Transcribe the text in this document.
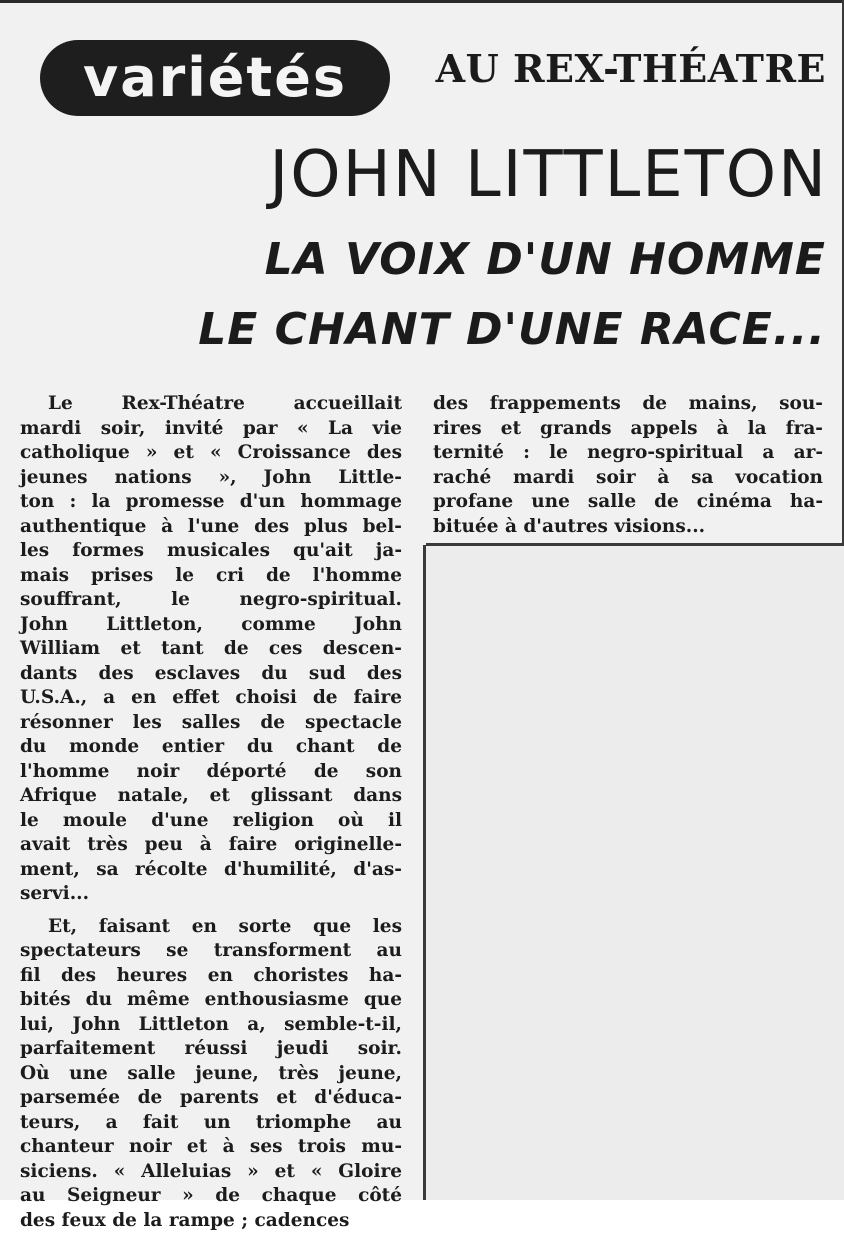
variétés	AU REX-THÉATRE
JOHN LITTLETON
LA VOIX D'UN HOMME
LE CHANT D'UNE RACE...

Le Rex-Théatre accueillait
mardi soir, invité par « La vie
catholique » et « Croissance des
jeunes nations », John Little-
ton : la promesse d'un hommage
authentique à l'une des plus bel-
les formes musicales qu'ait ja-
mais prises le cri de l'homme
souffrant, le negro-spiritual.
John Littleton, comme John
William et tant de ces descen-
dants des esclaves du sud des
U.S.A., a en effet choisi de faire
résonner les salles de spectacle
du monde entier du chant de
l'homme noir déporté de son
Afrique natale, et glissant dans
le moule d'une religion où il
avait très peu à faire originelle-
ment, sa récolte d'humilité, d'as-
servi...

Et, faisant en sorte que les
spectateurs se transforment au
fil des heures en choristes ha-
bités du même enthousiasme que
lui, John Littleton a, semble-t-il,
parfaitement réussi jeudi soir.
Où une salle jeune, très jeune,
parsemée de parents et d'éduca-
teurs, a fait un triomphe au
chanteur noir et à ses trois mu-
siciens. « Alleluias » et « Gloire
au Seigneur » de chaque côté
des feux de la rampe ; cadences

des frappements de mains, sou-
rires et grands appels à la fra-
ternité : le negro-spiritual a ar-
raché mardi soir à sa vocation
profane une salle de cinéma ha-
bituée à d'autres visions...
